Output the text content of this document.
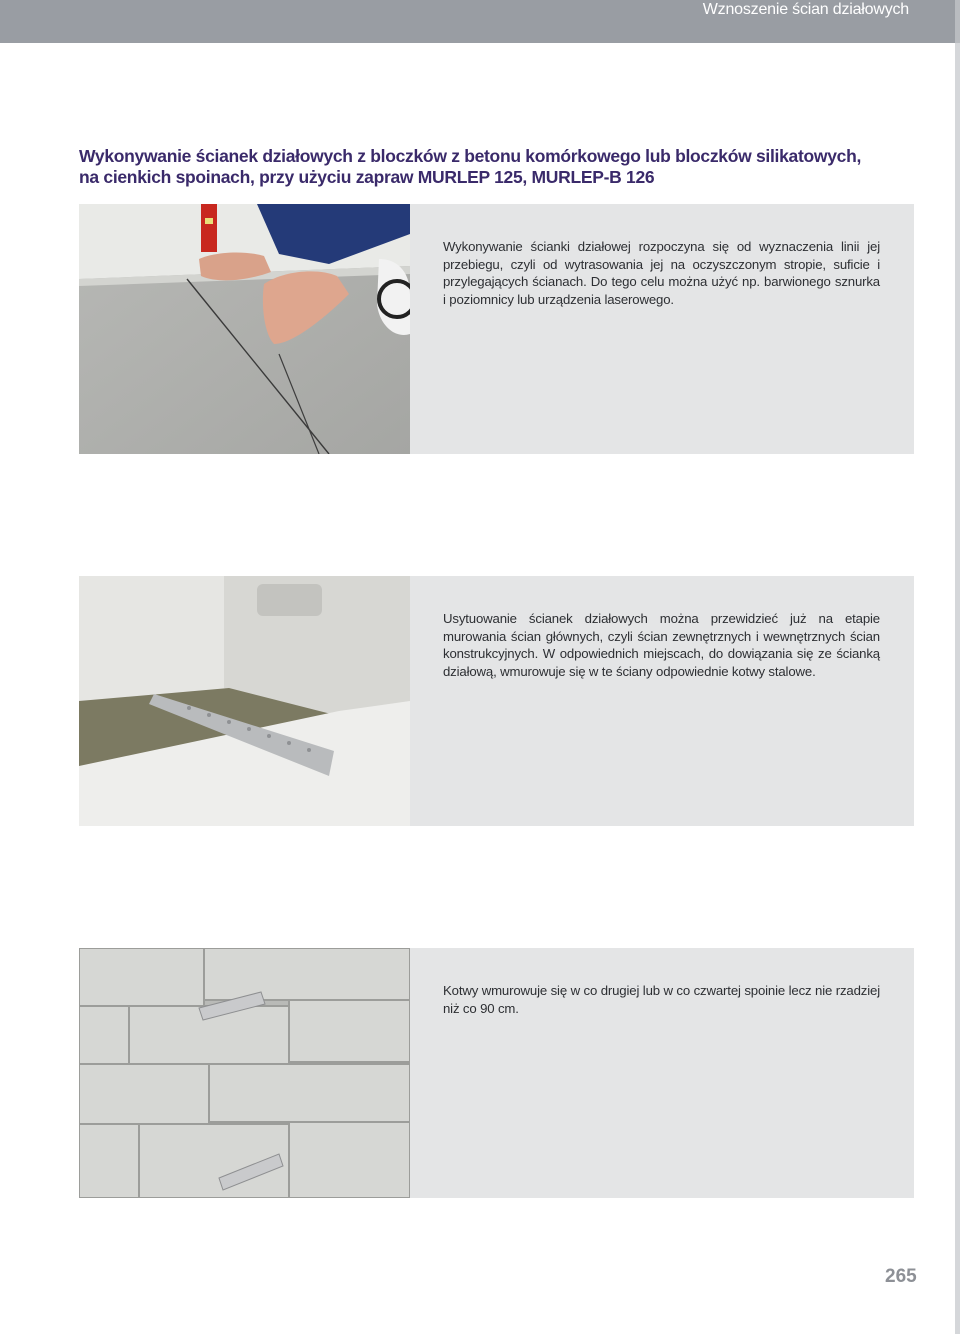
Wznoszenie ścian działowych
Wykonywanie ścianek działowych z bloczków z betonu komórkowego lub bloczków silikatowych,
na cienkich spoinach, przy użyciu zapraw MURLEP 125, MURLEP-B 126

Wykonywanie ścianki działowej rozpoczyna się od wyznaczenia linii jej przebiegu, czyli od wytrasowania jej na oczyszczonym stropie, suficie i przylegających ścianach. Do tego celu można użyć np. barwionego sznurka i poziomnicy lub urządzenia laserowego.

Usytuowanie ścianek działowych można przewidzieć już na etapie murowania ścian głównych, czyli ścian zewnętrznych i wewnętrznych ścian konstrukcyjnych. W odpowiednich miejscach, do dowiązania się ze ścianką działową, wmurowuje się w te ściany odpowiednie kotwy stalowe.

Kotwy wmurowuje się w co drugiej lub w co czwartej spoinie lecz nie rzadziej niż co 90 cm.

265
